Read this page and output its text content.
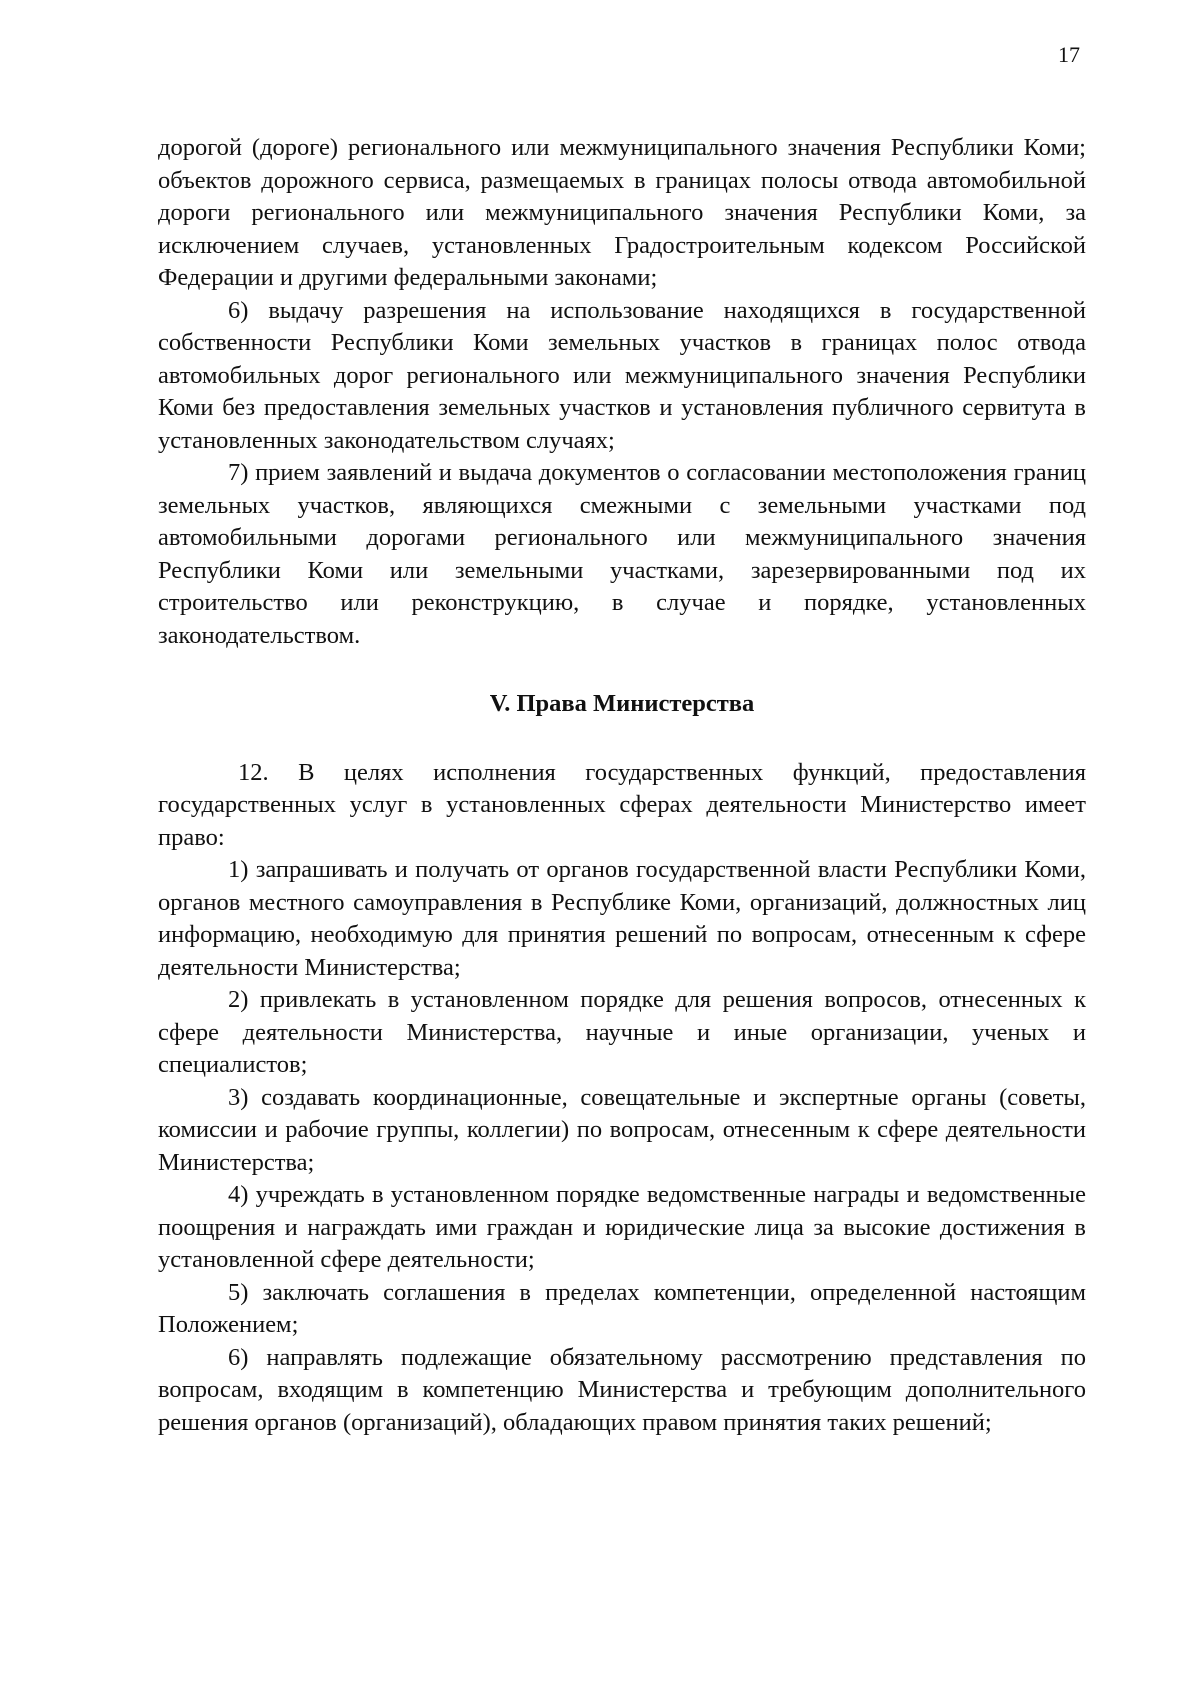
17

дорогой (дороге) регионального или межмуниципального значения Республики Коми; объектов дорожного сервиса, размещаемых в границах полосы отвода автомобильной дороги регионального или межмуниципального значения Республики Коми, за исключением случаев, установленных Градостроительным кодексом Российской Федерации и другими федеральными законами;

6) выдачу разрешения на использование находящихся в государственной собственности Республики Коми земельных участков в границах полос отвода автомобильных дорог регионального или межмуниципального значения Республики Коми без предоставления земельных участков и установления публичного сервитута в установленных законодательством случаях;

7) прием заявлений и выдача документов о согласовании местоположения границ земельных участков, являющихся смежными с земельными участками под автомобильными дорогами регионального или межмуниципального значения Республики Коми или земельными участками, зарезервированными под их строительство или реконструкцию, в случае и порядке, установленных законодательством.

V. Права Министерства

12. В целях исполнения государственных функций, предоставления государственных услуг в установленных сферах деятельности Министерство имеет право:

1) запрашивать и получать от органов государственной власти Республики Коми, органов местного самоуправления в Республике Коми, организаций, должностных лиц информацию, необходимую для принятия решений по вопросам, отнесенным к сфере деятельности Министерства;

2) привлекать в установленном порядке для решения вопросов, отнесенных к сфере деятельности Министерства, научные и иные организации, ученых и специалистов;

3) создавать координационные, совещательные и экспертные органы (советы, комиссии и рабочие группы, коллегии) по вопросам, отнесенным к сфере деятельности Министерства;

4) учреждать в установленном порядке ведомственные награды и ведомственные поощрения и награждать ими граждан и юридические лица за высокие достижения в установленной сфере деятельности;

5) заключать соглашения в пределах компетенции, определенной настоящим Положением;

6) направлять подлежащие обязательному рассмотрению представления по вопросам, входящим в компетенцию Министерства и требующим дополнительного решения органов (организаций), обладающих правом принятия таких решений;
